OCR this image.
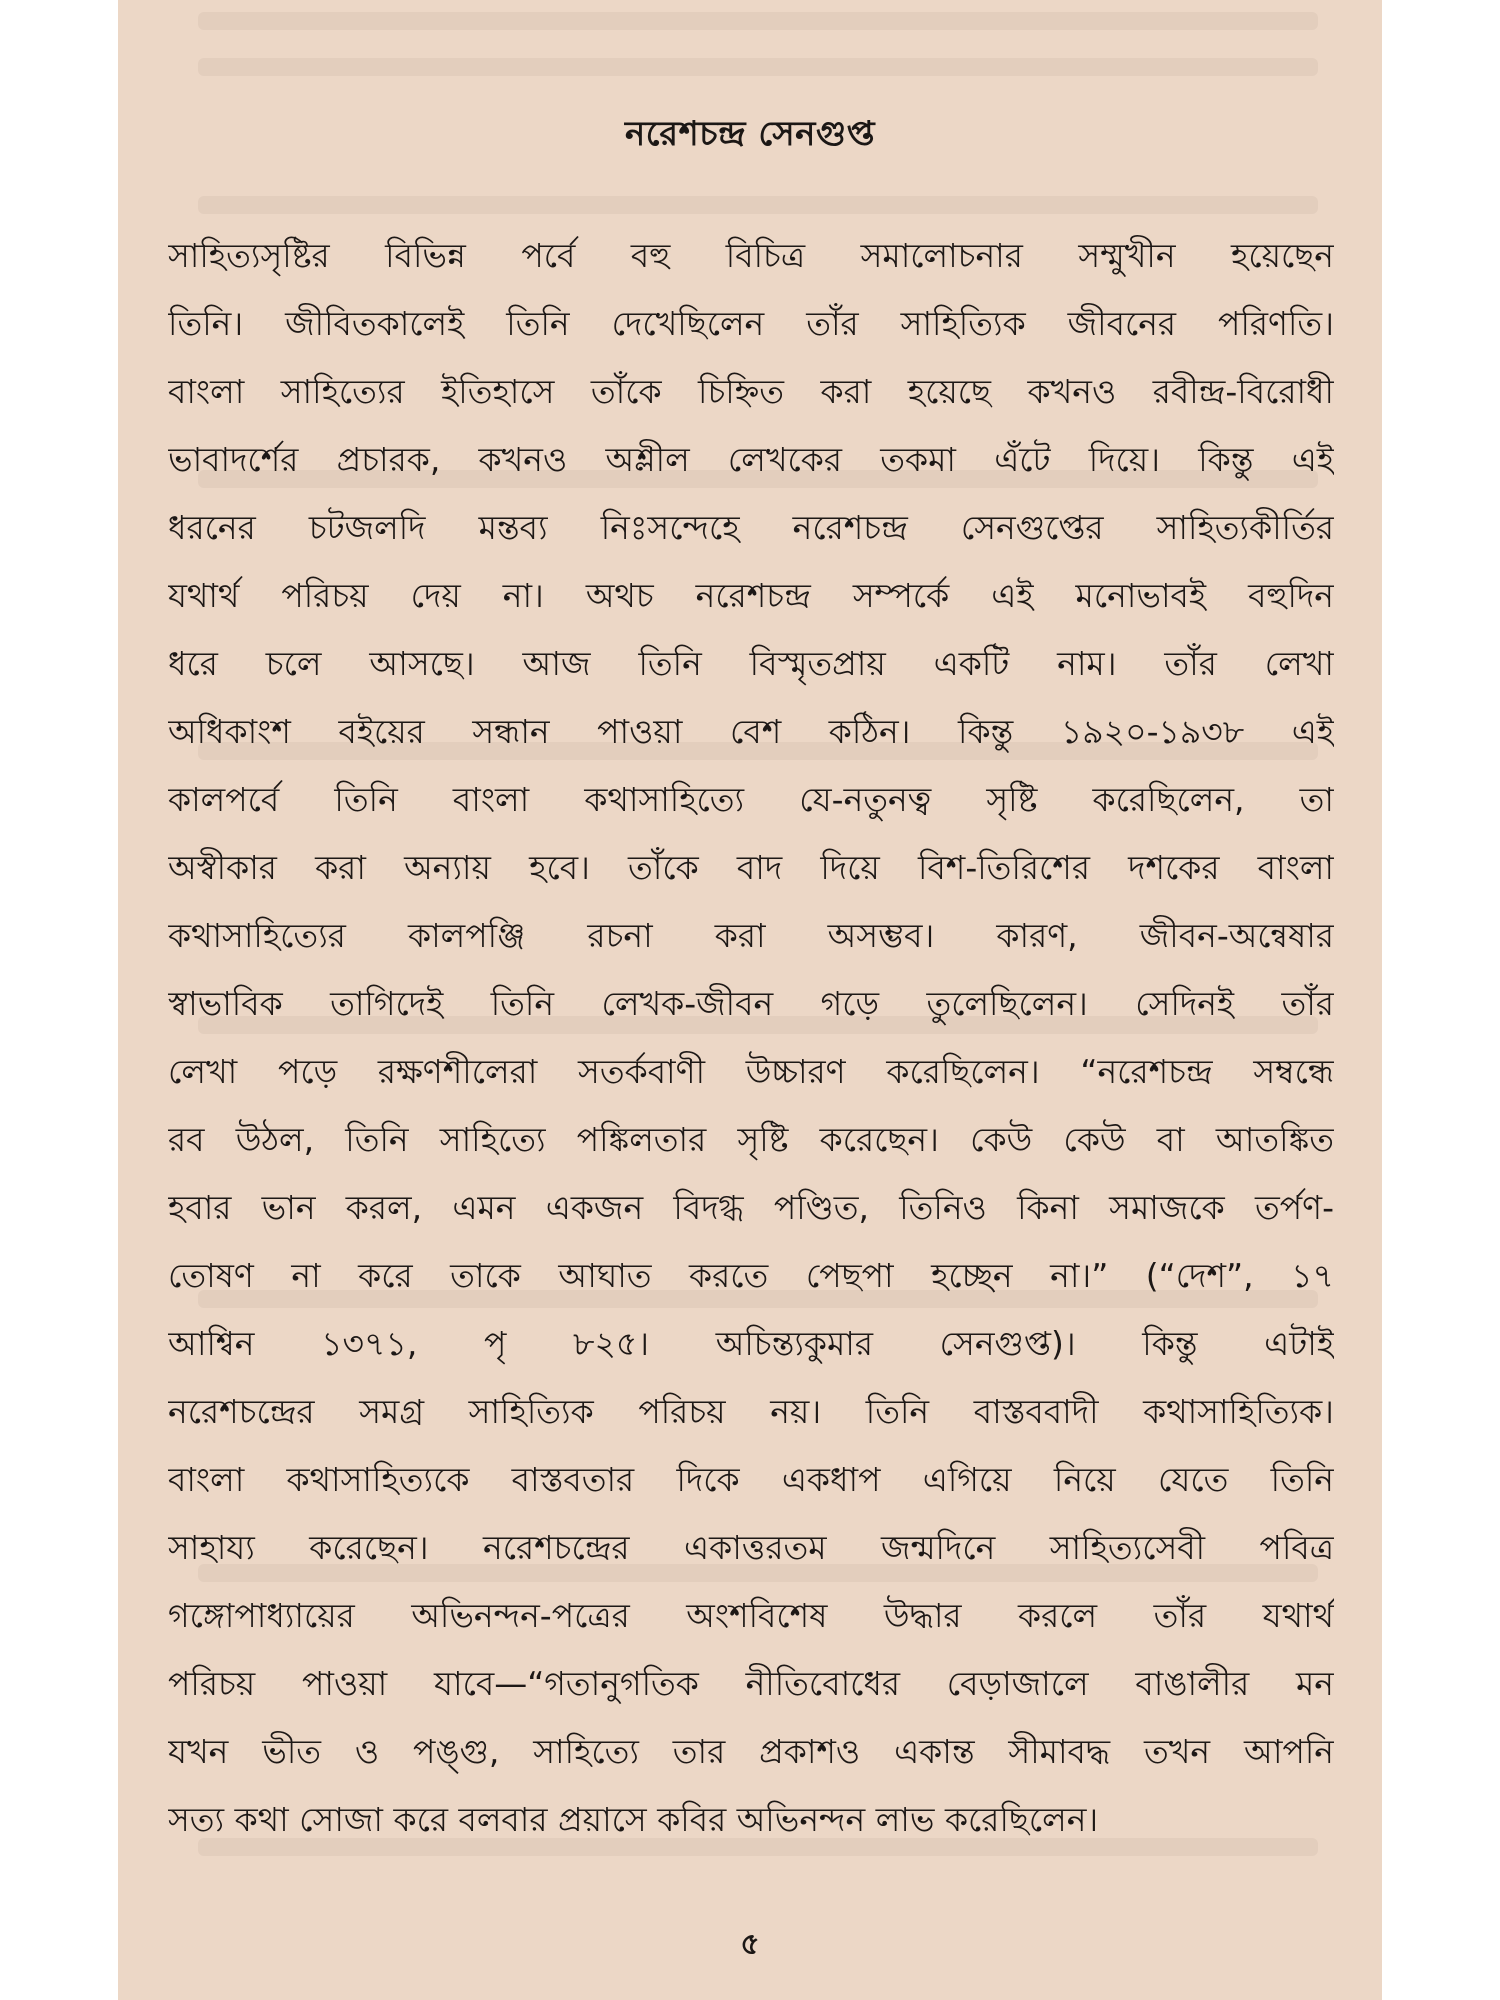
নরেশচন্দ্র সেনগুপ্ত
সাহিত্যসৃষ্টির বিভিন্ন পর্বে বহু বিচিত্র সমালোচনার সম্মুখীন হয়েছেন
তিনি। জীবিতকালেই তিনি দেখেছিলেন তাঁর সাহিত্যিক জীবনের পরিণতি।
বাংলা সাহিত্যের ইতিহাসে তাঁকে চিহ্নিত করা হয়েছে কখনও রবীন্দ্র-বিরোধী
ভাবাদর্শের প্রচারক, কখনও অশ্লীল লেখকের তকমা এঁটে দিয়ে। কিন্তু এই
ধরনের চটজলদি মন্তব্য নিঃসন্দেহে নরেশচন্দ্র সেনগুপ্তের সাহিত্যকীর্তির
যথার্থ পরিচয় দেয় না। অথচ নরেশচন্দ্র সম্পর্কে এই মনোভাবই বহুদিন
ধরে চলে আসছে। আজ তিনি বিস্মৃতপ্রায় একটি নাম। তাঁর লেখা
অধিকাংশ বইয়ের সন্ধান পাওয়া বেশ কঠিন। কিন্তু ১৯২০-১৯৩৮ এই
কালপর্বে তিনি বাংলা কথাসাহিত্যে যে-নতুনত্ব সৃষ্টি করেছিলেন, তা
অস্বীকার করা অন্যায় হবে। তাঁকে বাদ দিয়ে বিশ-তিরিশের দশকের বাংলা
কথাসাহিত্যের কালপঞ্জি রচনা করা অসম্ভব। কারণ, জীবন-অন্বেষার
স্বাভাবিক তাগিদেই তিনি লেখক-জীবন গড়ে তুলেছিলেন। সেদিনই তাঁর
লেখা পড়ে রক্ষণশীলেরা সতর্কবাণী উচ্চারণ করেছিলেন। “নরেশচন্দ্র সম্বন্ধে
রব উঠল, তিনি সাহিত্যে পঙ্কিলতার সৃষ্টি করেছেন। কেউ কেউ বা আতঙ্কিত
হবার ভান করল, এমন একজন বিদগ্ধ পণ্ডিত, তিনিও কিনা সমাজকে তর্পণ-
তোষণ না করে তাকে আঘাত করতে পেছপা হচ্ছেন না।” (“দেশ”, ১৭
আশ্বিন ১৩৭১, পৃ ৮২৫। অচিন্ত্যকুমার সেনগুপ্ত)। কিন্তু এটাই
নরেশচন্দ্রের সমগ্র সাহিত্যিক পরিচয় নয়। তিনি বাস্তববাদী কথাসাহিত্যিক।
বাংলা কথাসাহিত্যকে বাস্তবতার দিকে একধাপ এগিয়ে নিয়ে যেতে তিনি
সাহায্য করেছেন। নরেশচন্দ্রের একাত্তরতম জন্মদিনে সাহিত্যসেবী পবিত্র
গঙ্গোপাধ্যায়ের অভিনন্দন-পত্রের অংশবিশেষ উদ্ধার করলে তাঁর যথার্থ
পরিচয় পাওয়া যাবে—“গতানুগতিক নীতিবোধের বেড়াজালে বাঙালীর মন
যখন ভীত ও পঙ্গু, সাহিত্যে তার প্রকাশও একান্ত সীমাবদ্ধ তখন আপনি
সত্য কথা সোজা করে বলবার প্রয়াসে কবির অভিনন্দন লাভ করেছিলেন।
৫
